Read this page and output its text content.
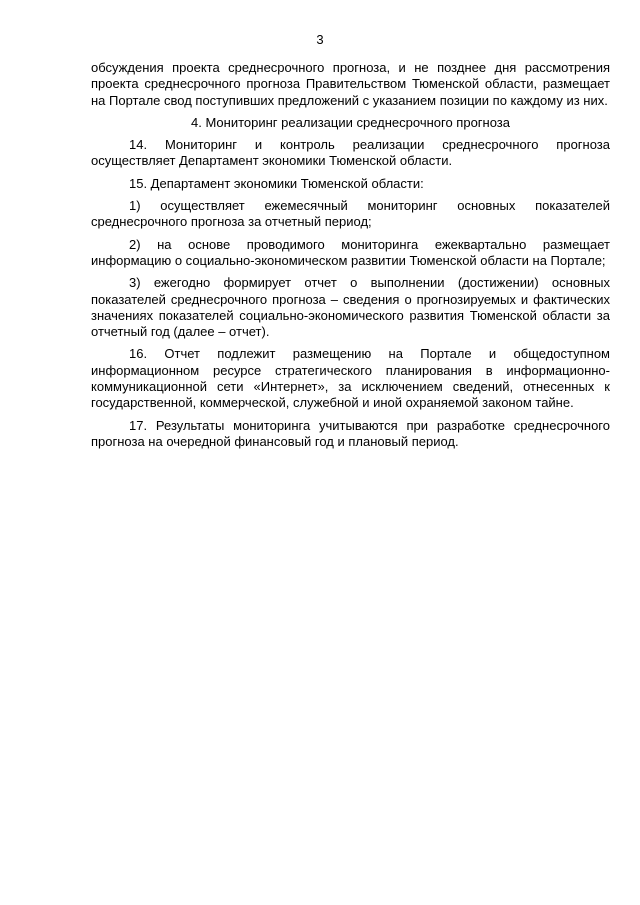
3

обсуждения проекта среднесрочного прогноза, и не позднее дня рассмотрения проекта среднесрочного прогноза Правительством Тюменской области, размещает на Портале свод поступивших предложений с указанием позиции по каждому из них.

4. Мониторинг реализации среднесрочного прогноза

14. Мониторинг и контроль реализации среднесрочного прогноза осуществляет Департамент экономики Тюменской области.

15. Департамент экономики Тюменской области:

1) осуществляет ежемесячный мониторинг основных показателей среднесрочного прогноза за отчетный период;

2) на основе проводимого мониторинга ежеквартально размещает информацию о социально-экономическом развитии Тюменской области на Портале;

3) ежегодно формирует отчет о выполнении (достижении) основных показателей среднесрочного прогноза – сведения о прогнозируемых и фактических значениях показателей социально-экономического развития Тюменской области за отчетный год (далее – отчет).

16. Отчет подлежит размещению на Портале и общедоступном информационном ресурсе стратегического планирования в информационно-коммуникационной сети «Интернет», за исключением сведений, отнесенных к государственной, коммерческой, служебной и иной охраняемой законом тайне.

17. Результаты мониторинга учитываются при разработке среднесрочного прогноза на очередной финансовый год и плановый период.
